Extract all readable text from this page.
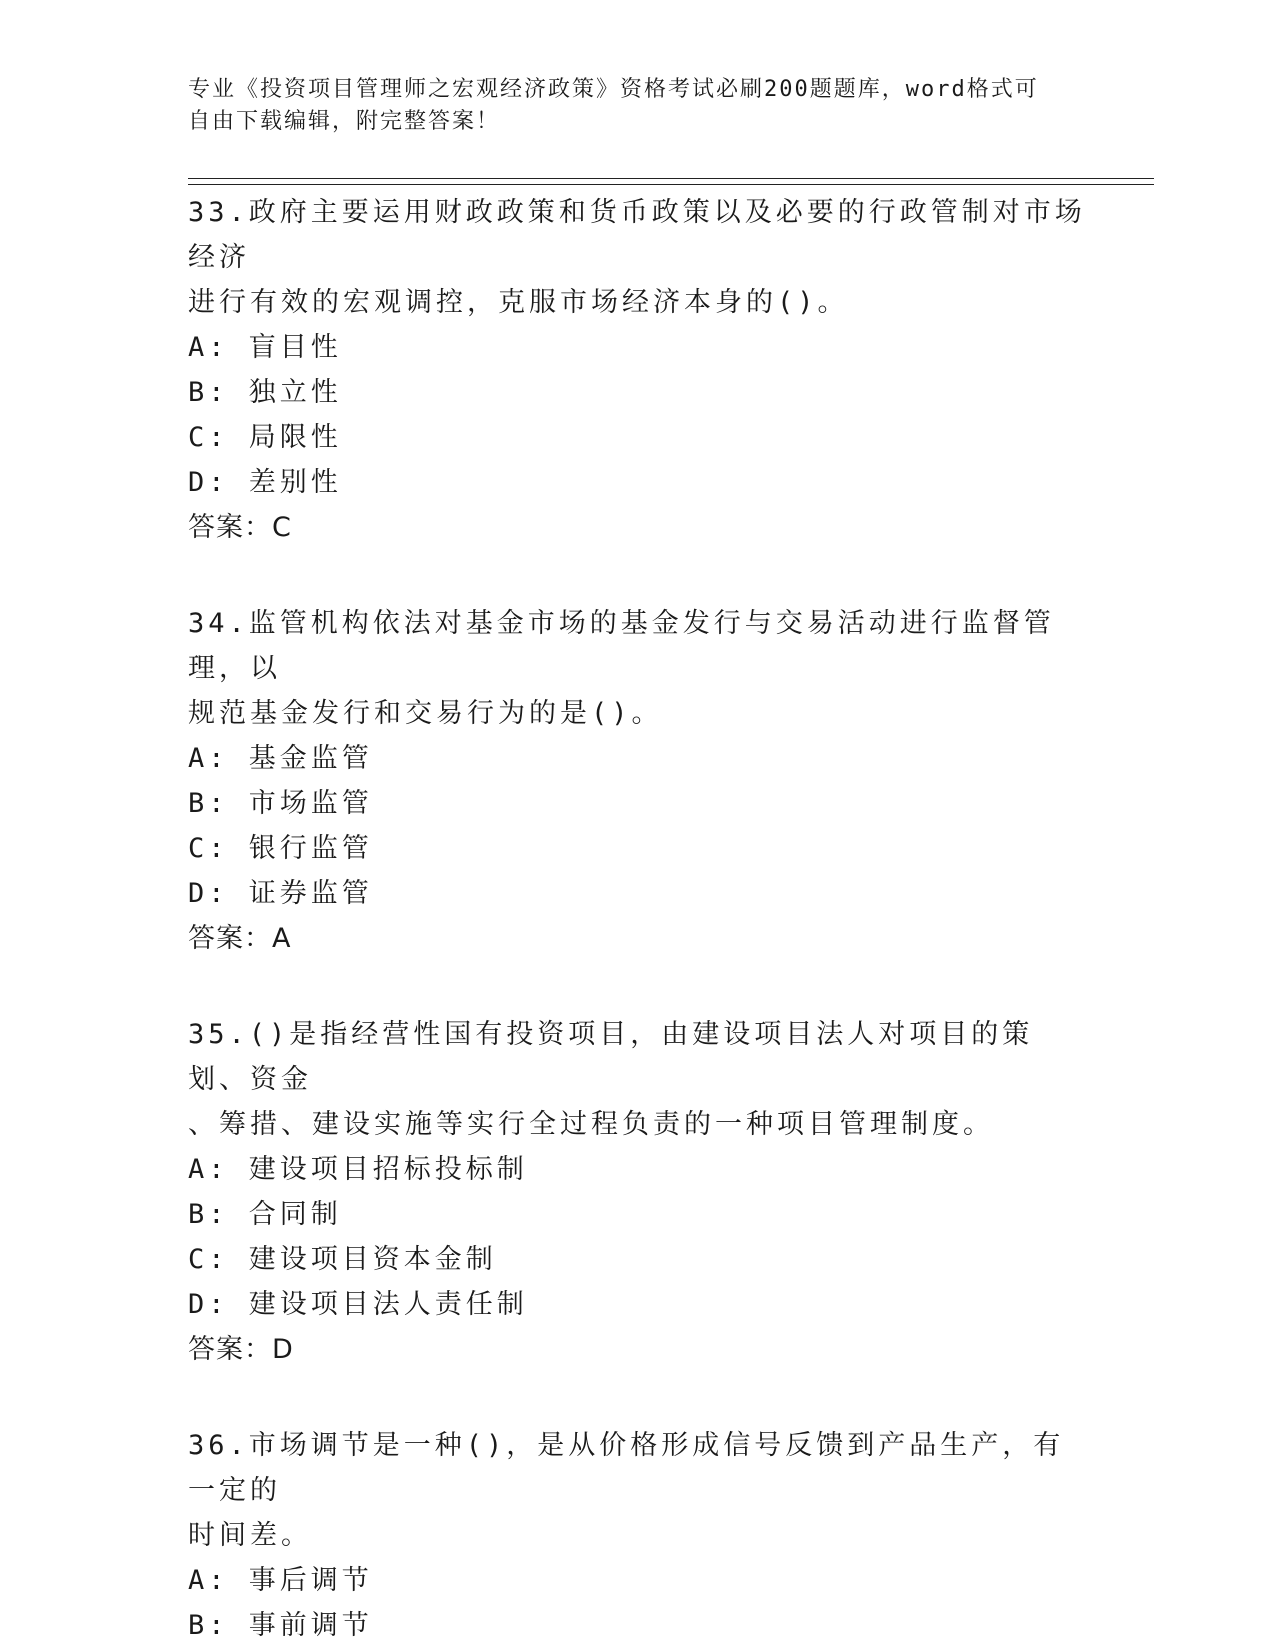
专业《投资项目管理师之宏观经济政策》资格考试必刷200题题库，word格式可
自由下载编辑，附完整答案！
33.政府主要运用财政政策和货币政策以及必要的行政管制对市场经济
进行有效的宏观调控，克服市场经济本身的()。
A: 盲目性
B: 独立性
C: 局限性
D: 差别性
答案：C
34.监管机构依法对基金市场的基金发行与交易活动进行监督管理，以
规范基金发行和交易行为的是()。
A: 基金监管
B: 市场监管
C: 银行监管
D: 证券监管
答案：A
35.()是指经营性国有投资项目，由建设项目法人对项目的策划、资金
、筹措、建设实施等实行全过程负责的一种项目管理制度。
A: 建设项目招标投标制
B: 合同制
C: 建设项目资本金制
D: 建设项目法人责任制
答案：D
36.市场调节是一种()，是从价格形成信号反馈到产品生产，有一定的
时间差。
A: 事后调节
B: 事前调节
